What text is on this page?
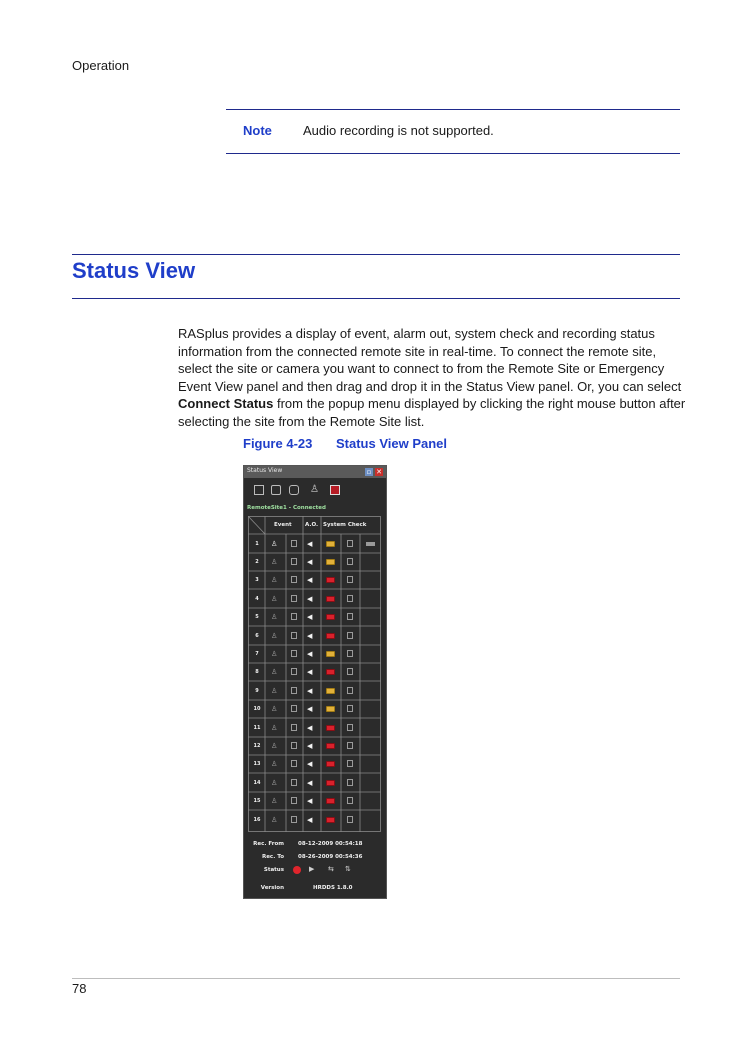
Operation
Note Audio recording is not supported.
Status View
RASplus provides a display of event, alarm out, system check and recording status information from the connected remote site in real-time. To connect the remote site, select the site or camera you want to connect to from the Remote Site or Emergency Event View panel and then drag and drop it in the Status View panel. Or, you can select Connect Status from the popup menu displayed by clicking the right mouse button after selecting the site from the Remote Site list.
Figure 4-23 Status View Panel
Status View	▫ ✕
♙
RemoteSite1 - Connected
Event A.O. System Check
1	♙	◀
2	♙	◀
3	♙	◀
4	♙	◀
5	♙	◀
6	♙	◀
7	♙	◀
8	♙	◀
9	♙	◀
10	♙	◀
11	♙	◀
12	♙	◀
13	♙	◀
14	♙	◀
15	♙	◀
16	♙	◀
Rec. From	08-12-2009 00:54:18
Rec. To	08-26-2009 00:54:36
Status	▶ ⇆ ⇅
Version	HRDDS 1.8.0
78
